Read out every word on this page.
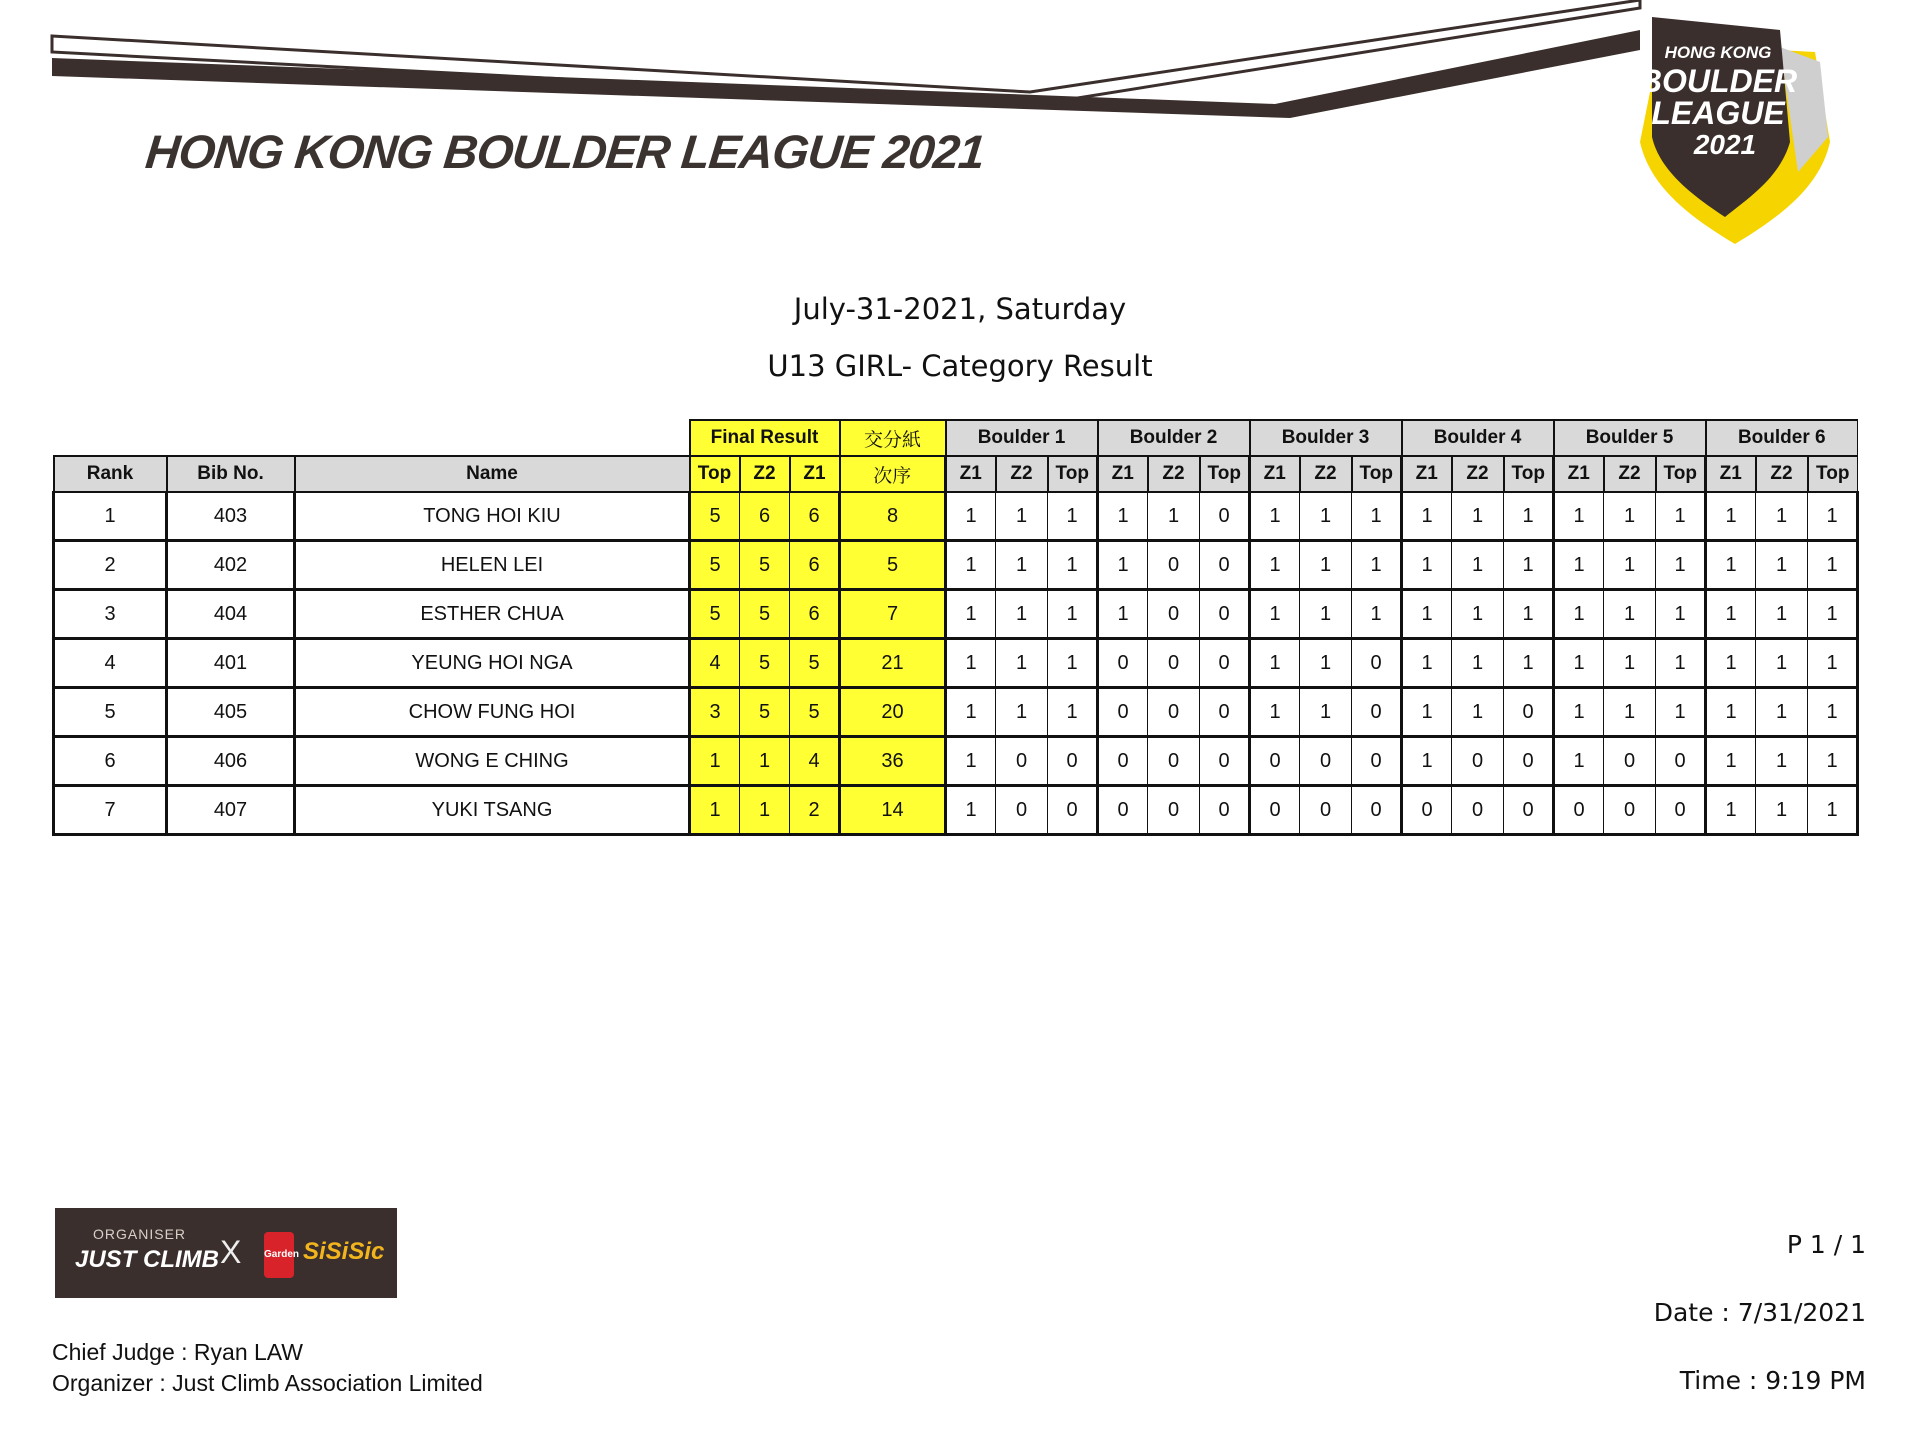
HONG KONG BOULDER LEAGUE 2021
HONG KONG
BOULDER
LEAGUE
2021
July-31-2021, Saturday
U13 GIRL- Category Result
			Final Result			交分紙	Boulder 1			Boulder 2			Boulder 3			Boulder 4			Boulder 5			Boulder 6		
Rank	Bib No.	Name	Top	Z2	Z1	次序	Z1	Z2	Top	Z1	Z2	Top	Z1	Z2	Top	Z1	Z2	Top	Z1	Z2	Top	Z1	Z2	Top
1	403	TONG HOI KIU	5	6	6	8	1	1	1	1	1	0	1	1	1	1	1	1	1	1	1	1	1	1
2	402	HELEN LEI	5	5	6	5	1	1	1	1	0	0	1	1	1	1	1	1	1	1	1	1	1	1
3	404	ESTHER CHUA	5	5	6	7	1	1	1	1	0	0	1	1	1	1	1	1	1	1	1	1	1	1
4	401	YEUNG HOI NGA	4	5	5	21	1	1	1	0	0	0	1	1	0	1	1	1	1	1	1	1	1	1
5	405	CHOW FUNG HOI	3	5	5	20	1	1	1	0	0	0	1	1	0	1	1	0	1	1	1	1	1	1
6	406	WONG E CHING	1	1	4	36	1	0	0	0	0	0	0	0	0	1	0	0	1	0	0	1	1	1
7	407	YUKI TSANG	1	1	2	14	1	0	0	0	0	0	0	0	0	0	0	0	0	0	0	1	1	1
ORGANISER
JUST CLIMB X Garden SiSiSic
Chief Judge : Ryan LAW
Organizer : Just Climb Association Limited
P 1 / 1
Date : 7/31/2021
Time : 9:19 PM
